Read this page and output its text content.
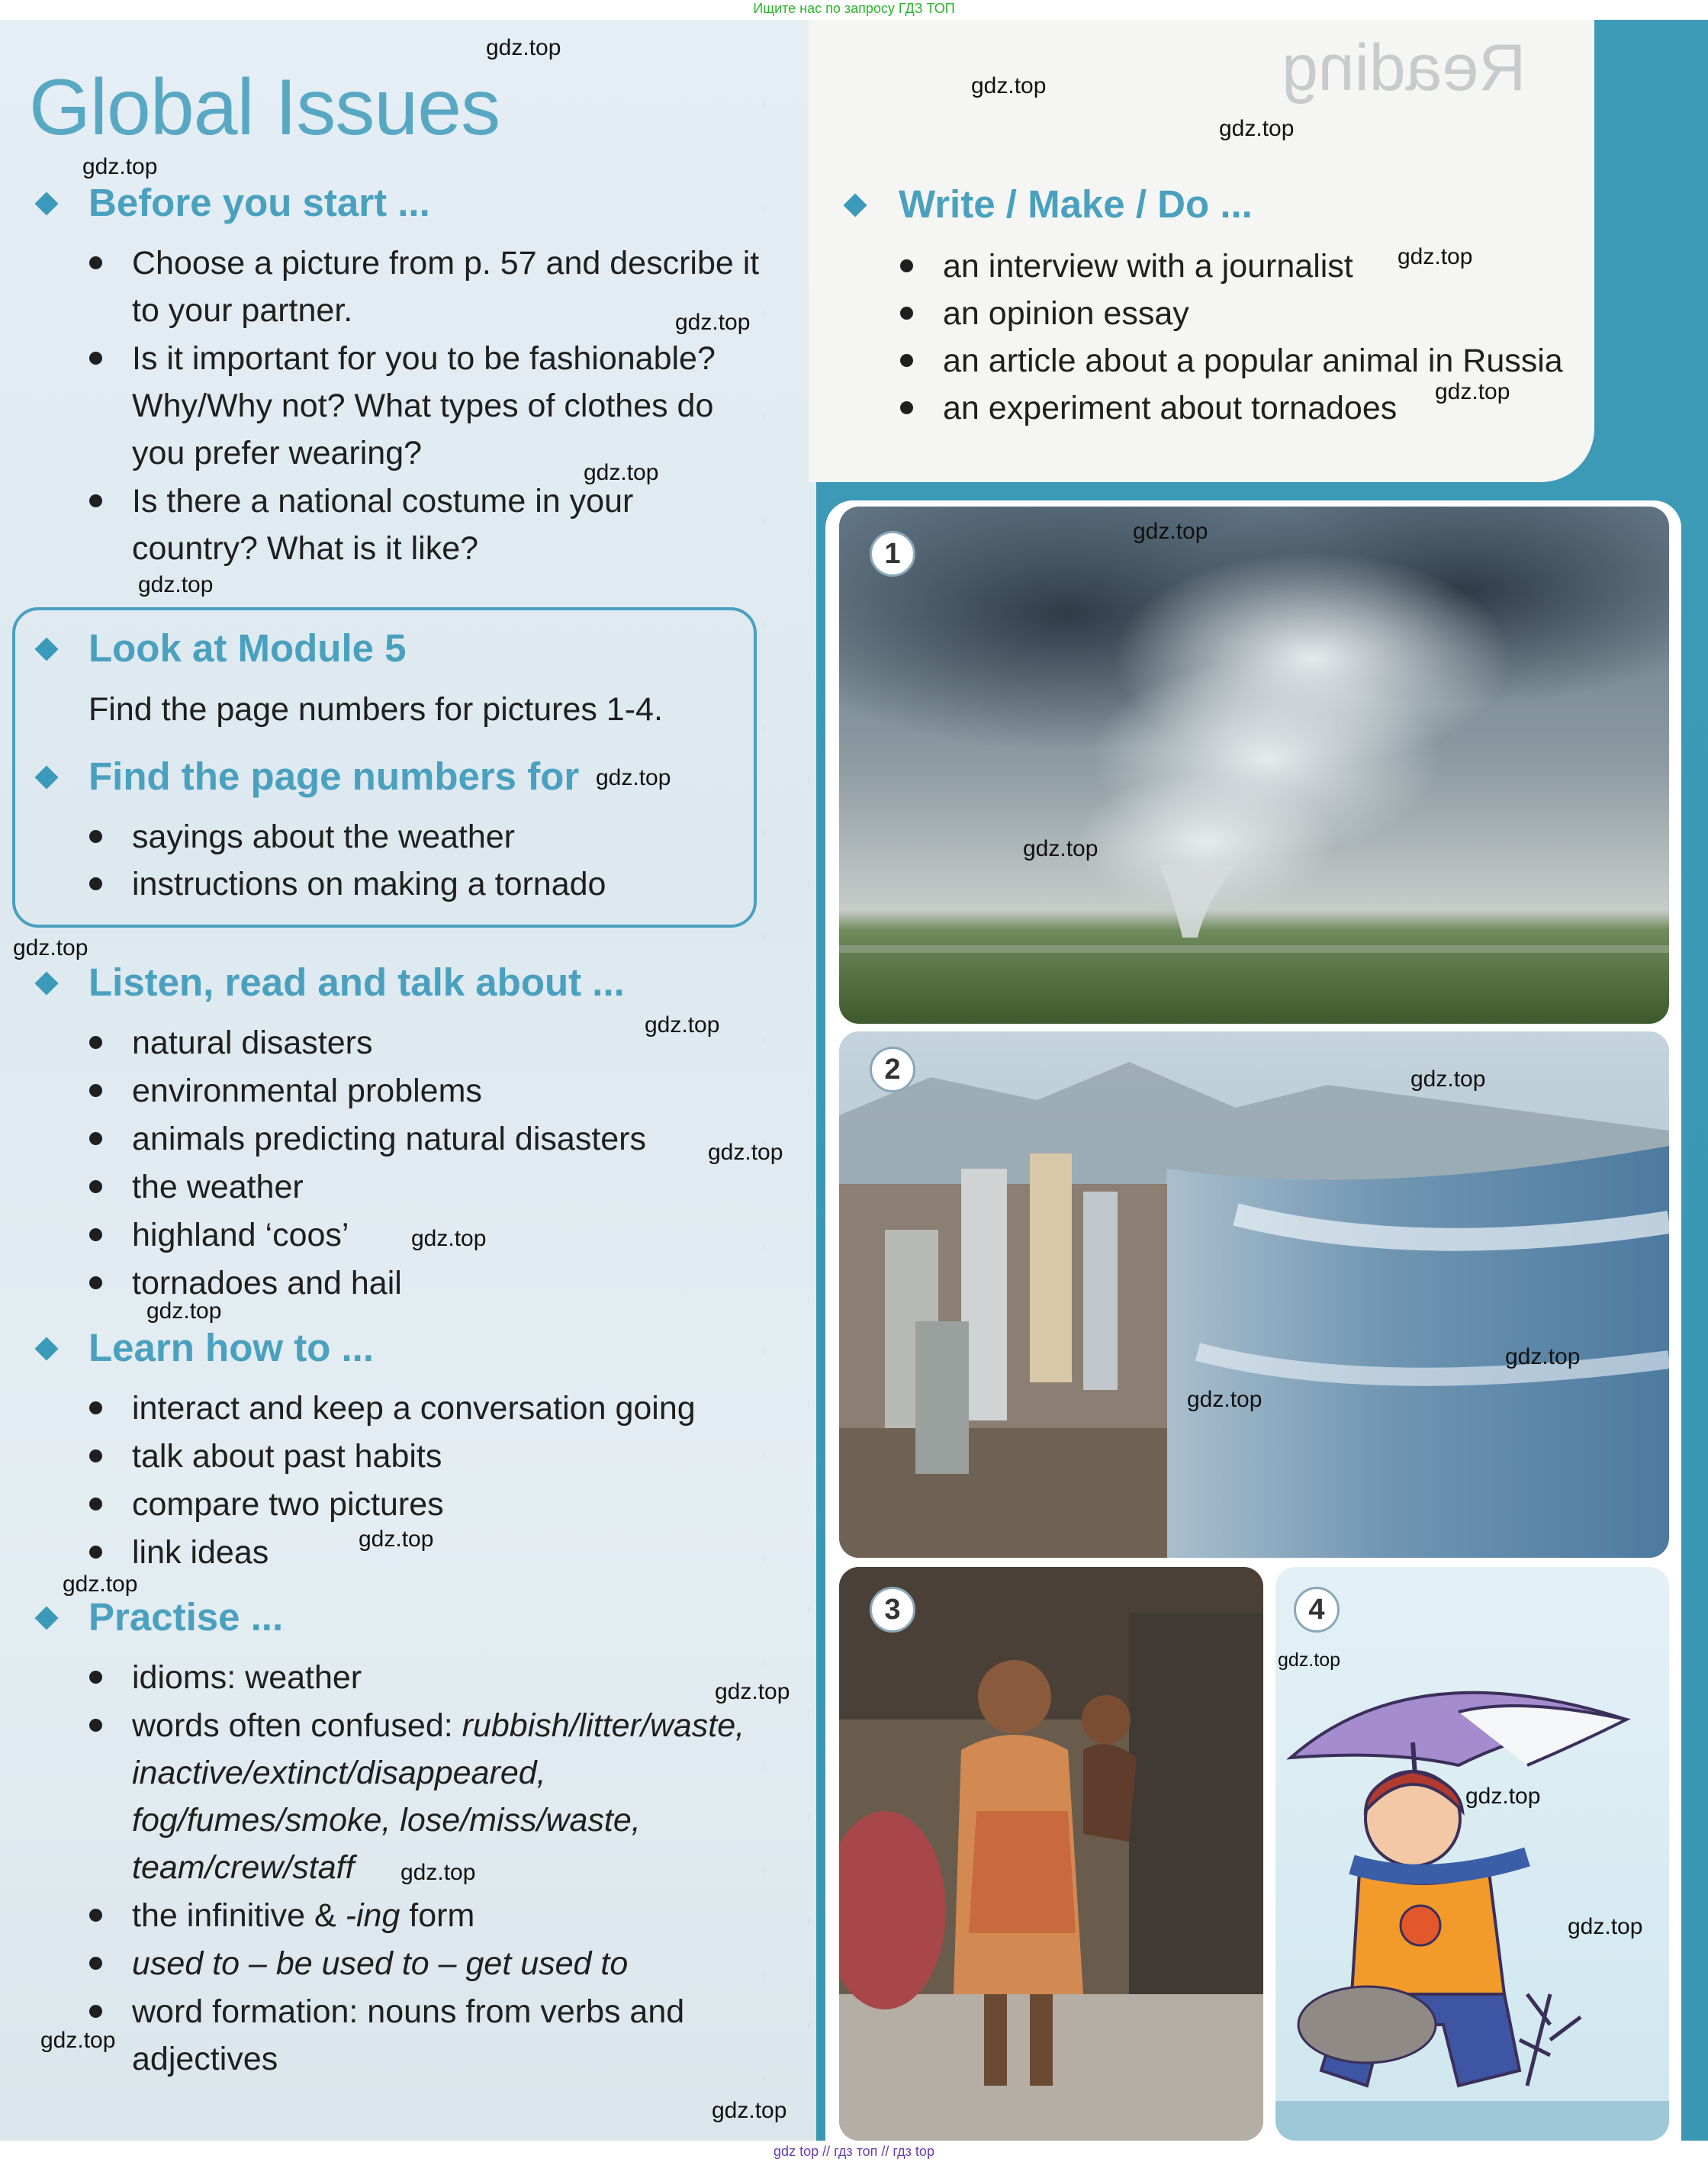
Ищите нас по запросу ГДЗ ТОП
Reading
Global Issues
Before you start ...
Choose a picture from p. 57 and describe it
to your partner.
Is it important for you to be fashionable?
Why/Why not? What types of clothes do
you prefer wearing?
Is there a national costume in your
country? What is it like?
Look at Module 5
Find the page numbers for pictures 1-4.
Find the page numbers for
sayings about the weather
instructions on making a tornado
Listen, read and talk about ...
natural disasters
environmental problems
animals predicting natural disasters
the weather
highland ‘coos’
tornadoes and hail
Learn how to ...
interact and keep a conversation going
talk about past habits
compare two pictures
link ideas
Practise ...
idioms: weather
words often confused: rubbish/litter/waste,
inactive/extinct/disappeared,
fog/fumes/smoke, lose/miss/waste,
team/crew/staff
the infinitive & -ing form
used to – be used to – get used to
word formation: nouns from verbs and
adjectives
Write / Make / Do ...
an interview with a journalist
an opinion essay
an article about a popular animal in Russia
an experiment about tornadoes
1
2
3	4
gdz.top
gdz.top
gdz.top
gdz.top
gdz.top
gdz.top
gdz.top
gdz.top
gdz.top
gdz.top
gdz.top
gdz.top
gdz.top
gdz.top
gdz.top
gdz.top
gdz.top
gdz.top
gdz.top
gdz.top
gdz.top
gdz.top
gdz.top
gdz.top
gdz.top
gdz.top
gdz.top
gdz.top
gdz.top
gdz top // гдз топ // гдз top
